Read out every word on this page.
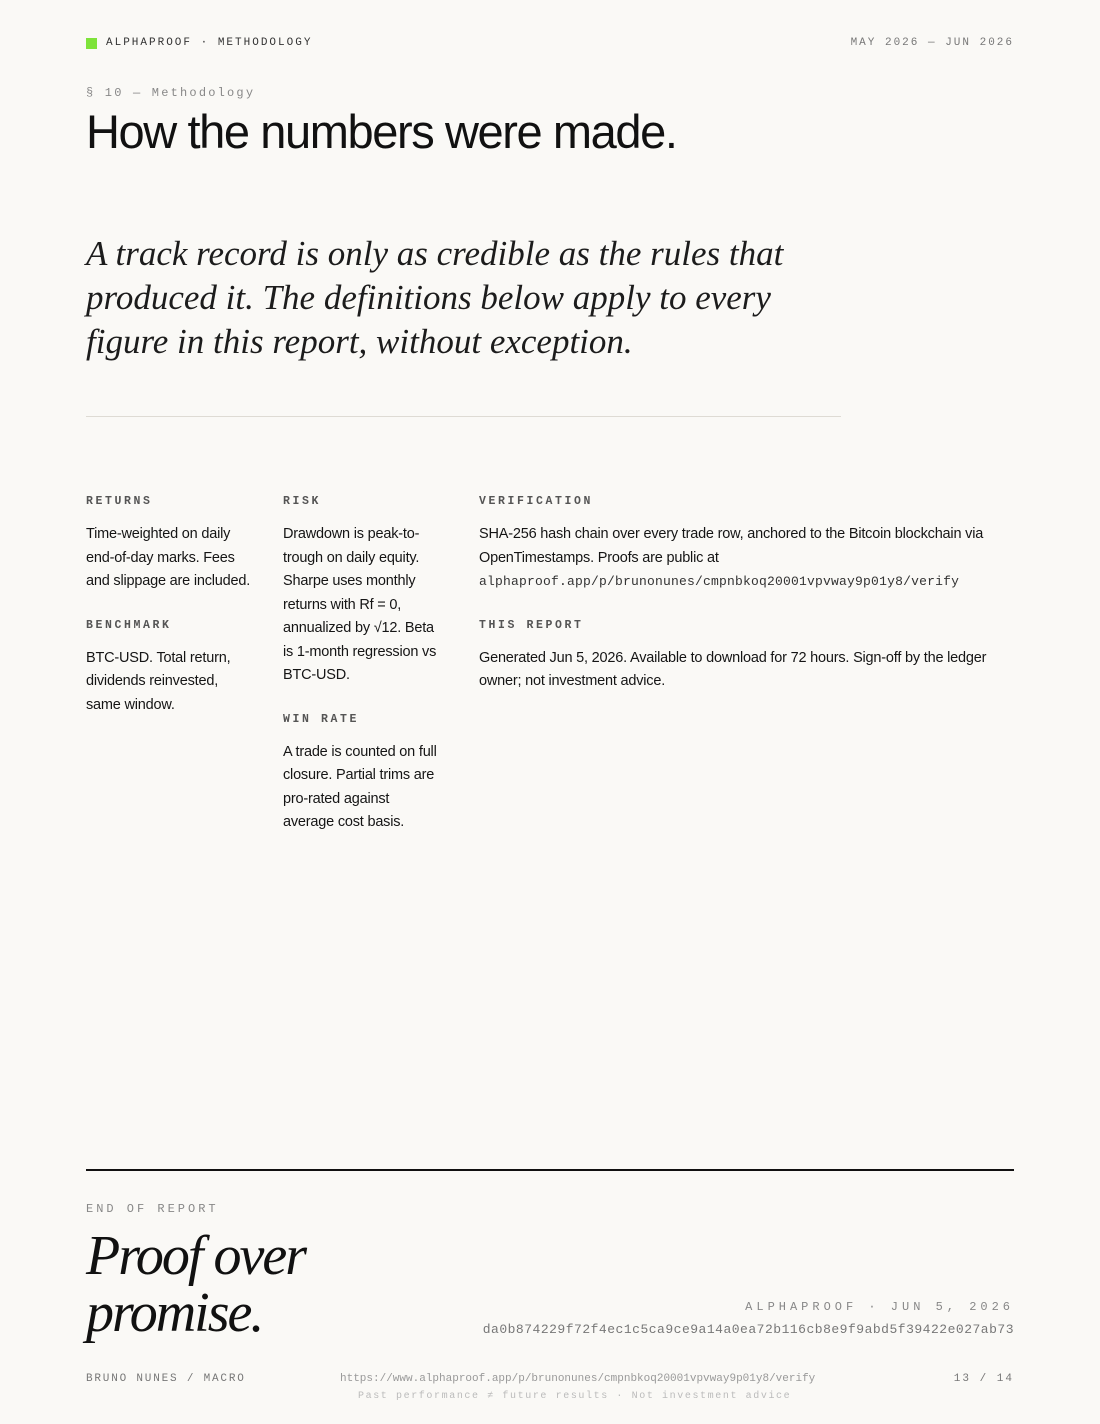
ALPHAPROOF · METHODOLOGY	MAY 2026 — JUN 2026
§ 10 — Methodology
How the numbers were made.

A track record is only as credible as the rules that produced it. The definitions below apply to every figure in this report, without exception.

RETURNS

Time-weighted on daily end-of-day marks. Fees and slippage are included.

BENCHMARK

BTC-USD. Total return, dividends reinvested, same window.

RISK

Drawdown is peak-to-trough on daily equity. Sharpe uses monthly returns with Rf = 0, annualized by √12. Beta is 1-month regression vs BTC-USD.

WIN RATE

A trade is counted on full closure. Partial trims are pro-rated against average cost basis.

VERIFICATION

SHA-256 hash chain over every trade row, anchored to the Bitcoin blockchain via OpenTimestamps. Proofs are public at
alphaproof.app/p/brunonunes/cmpnbkoq20001vpvway9p01y8/verify

THIS REPORT

Generated Jun 5, 2026. Available to download for 72 hours. Sign-off by the ledger owner; not investment advice.

END OF REPORT
Proof over
promise.	ALPHAPROOF · JUN 5, 2026
da0b874229f72f4ec1c5ca9ce9a14a0ea72b116cb8e9f9abd5f39422e027ab73
BRUNO NUNES / MACRO	https://www.alphaproof.app/p/brunonunes/cmpnbkoq20001vpvway9p01y8/verify
Past performance ≠ future results · Not investment advice
13 / 14
